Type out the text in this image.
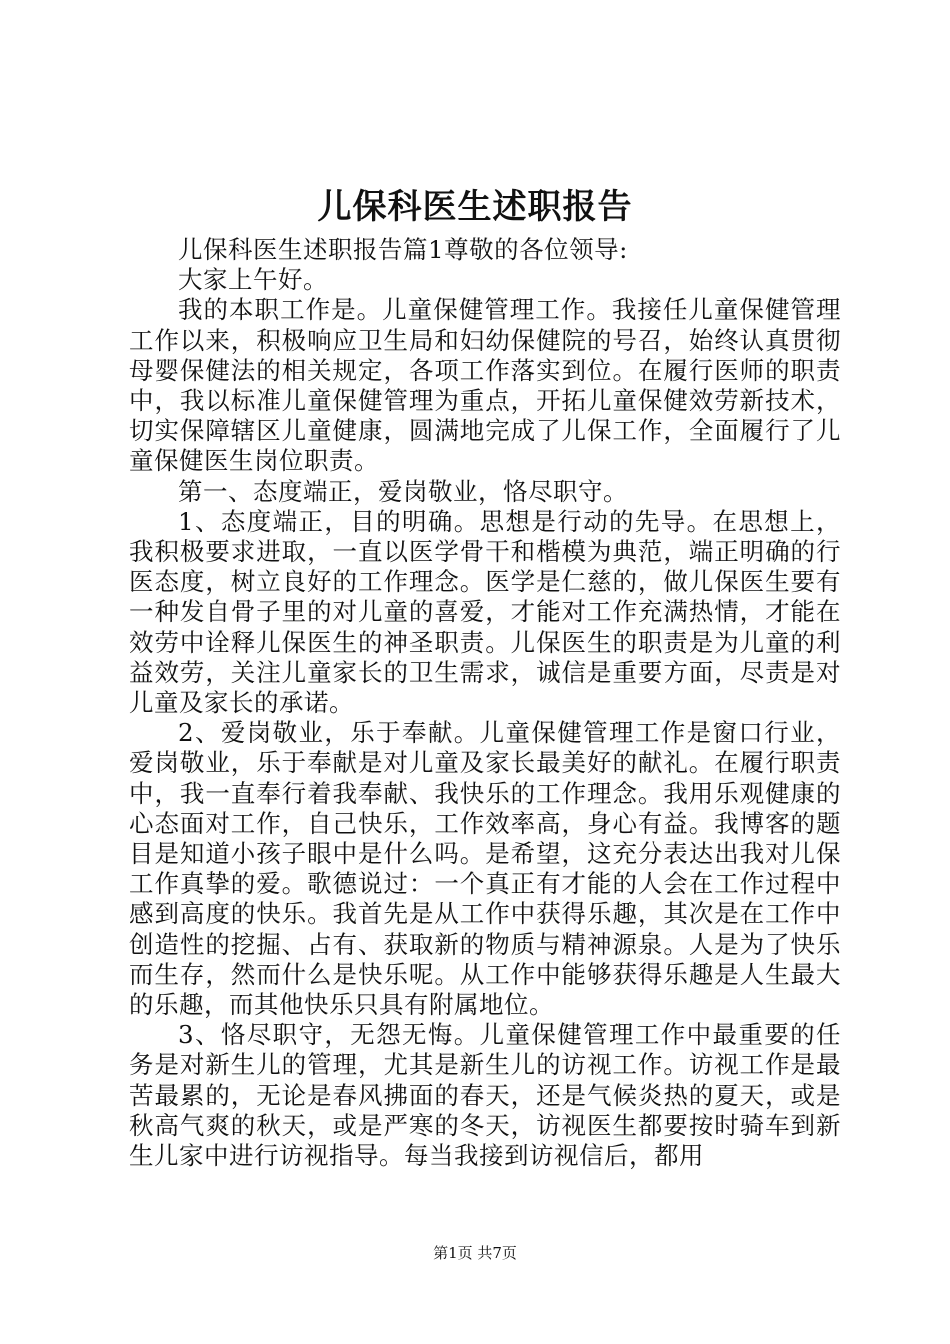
儿保科医生述职报告

儿保科医生述职报告篇1尊敬的各位领导:

大家上午好。

我的本职工作是。儿童保健管理工作。我接任儿童保健管理工作以来，积极响应卫生局和妇幼保健院的号召，始终认真贯彻母婴保健法的相关规定，各项工作落实到位。在履行医师的职责中，我以标准儿童保健管理为重点，开拓儿童保健效劳新技术，切实保障辖区儿童健康，圆满地完成了儿保工作，全面履行了儿童保健医生岗位职责。

第一、态度端正，爱岗敬业，恪尽职守。

1、态度端正，目的明确。思想是行动的先导。在思想上，我积极要求进取，一直以医学骨干和楷模为典范，端正明确的行医态度，树立良好的工作理念。医学是仁慈的，做儿保医生要有一种发自骨子里的对儿童的喜爱，才能对工作充满热情，才能在效劳中诠释儿保医生的神圣职责。儿保医生的职责是为儿童的利益效劳，关注儿童家长的卫生需求，诚信是重要方面，尽责是对儿童及家长的承诺。

2、爱岗敬业，乐于奉献。儿童保健管理工作是窗口行业，爱岗敬业，乐于奉献是对儿童及家长最美好的献礼。在履行职责中，我一直奉行着我奉献、我快乐的工作理念。我用乐观健康的心态面对工作，自己快乐，工作效率高，身心有益。我博客的题目是知道小孩子眼中是什么吗。是希望，这充分表达出我对儿保工作真挚的爱。歌德说过：一个真正有才能的人会在工作过程中感到高度的快乐。我首先是从工作中获得乐趣，其次是在工作中创造性的挖掘、占有、获取新的物质与精神源泉。人是为了快乐而生存，然而什么是快乐呢。从工作中能够获得乐趣是人生最大的乐趣，而其他快乐只具有附属地位。

3、恪尽职守，无怨无悔。儿童保健管理工作中最重要的任务是对新生儿的管理，尤其是新生儿的访视工作。访视工作是最苦最累的，无论是春风拂面的春天，还是气候炎热的夏天，或是秋高气爽的秋天，或是严寒的冬天，访视医生都要按时骑车到新生儿家中进行访视指导。每当我接到访视信后，都用

第1页 共7页
